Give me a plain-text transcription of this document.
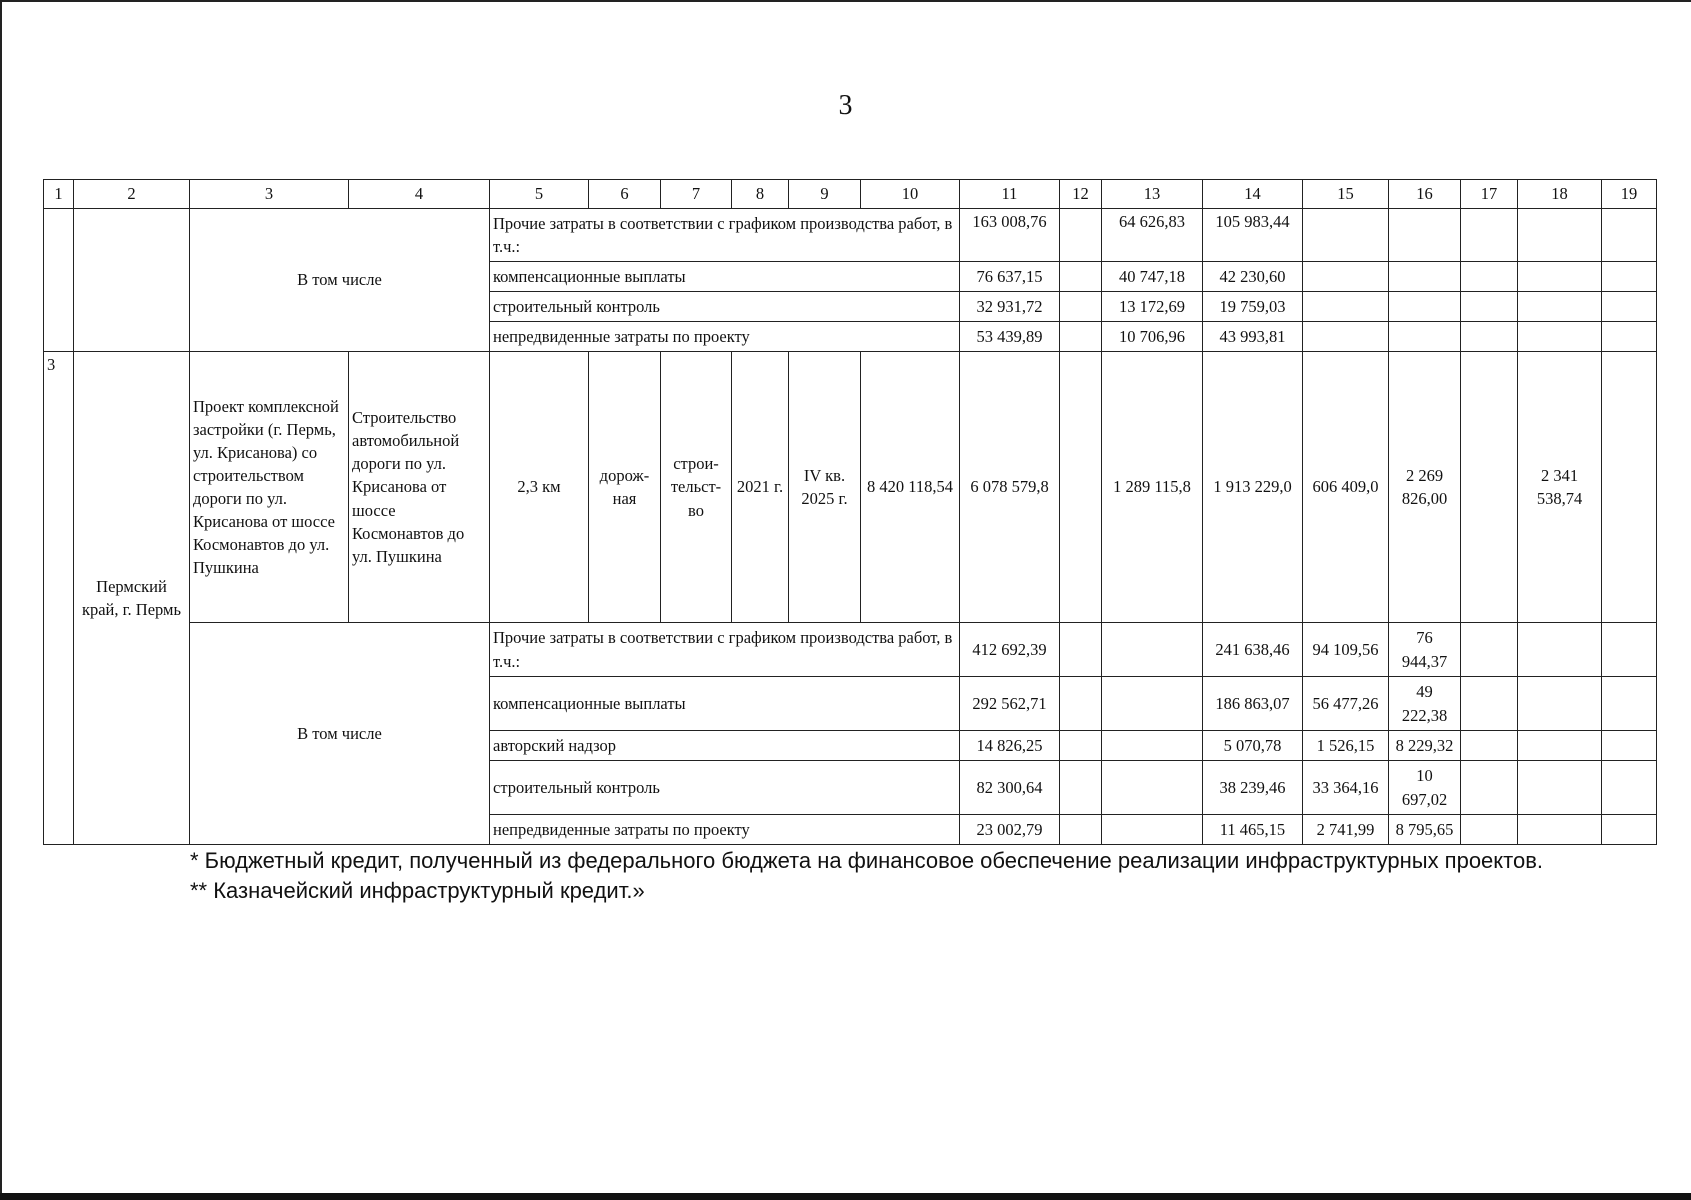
3
1	2	3	4	5	6	7	8	9	10	11	12	13	14	15	16	17	18	19
		В том числе		Прочие затраты в соответствии с графиком производства работ, в т.ч.:						163 008,76		64 626,83	105 983,44					
				компенсационные выплаты						76 637,15		40 747,18	42 230,60					
				строительный контроль						32 931,72		13 172,69	19 759,03					
				непредвиденные затраты по проекту						53 439,89		10 706,96	43 993,81					
3	Пермский край, г. Пермь	Проект комплексной застройки (г. Пермь, ул. Крисанова) со строительством дороги по ул. Крисанова от шоссе Космонавтов до ул. Пушкина	Строительство автомобильной дороги по ул. Крисанова от шоссе Космонавтов до ул. Пушкина	2,3 км	дорож-ная	строи-тельст-во	2021 г.	IV кв. 2025 г.	8 420 118,54	6 078 579,8		1 289 115,8	1 913 229,0	606 409,0	2 269 826,00		2 341 538,74	
		В том числе		Прочие затраты в соответствии с графиком производства работ, в т.ч.:						412 692,39			241 638,46	94 109,56	76 944,37			
				компенсационные выплаты						292 562,71			186 863,07	56 477,26	49 222,38			
				авторский надзор						14 826,25			5 070,78	1 526,15	8 229,32			
				строительный контроль						82 300,64			38 239,46	33 364,16	10 697,02			
				непредвиденные затраты по проекту						23 002,79			11 465,15	2 741,99	8 795,65			
* Бюджетный кредит, полученный из федерального бюджета на финансовое обеспечение реализации инфраструктурных проектов.
** Казначейский инфраструктурный кредит.»
